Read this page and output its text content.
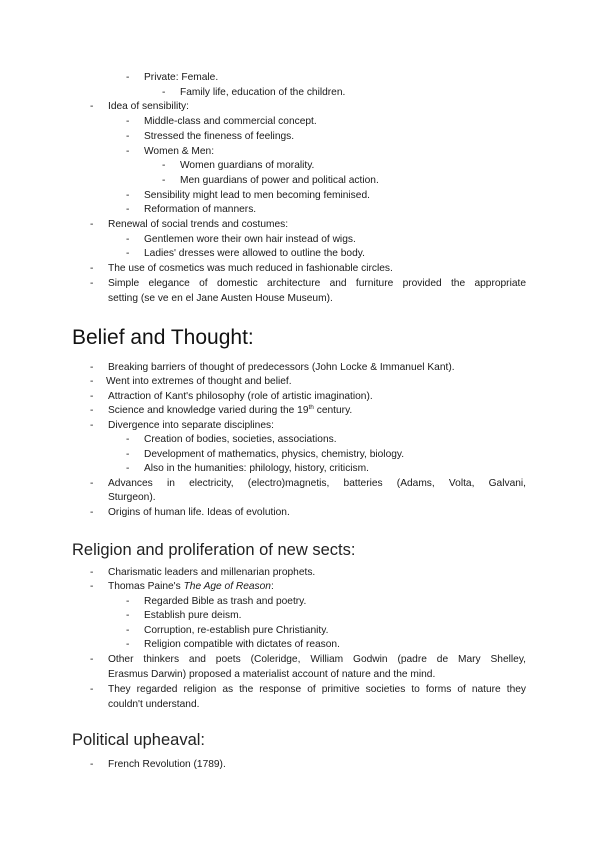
- Private: Female.
- Family life, education of the children.
- Idea of sensibility:
- Middle-class and commercial concept.
- Stressed the fineness of feelings.
- Women & Men:
- Women guardians of morality.
- Men guardians of power and political action.
- Sensibility might lead to men becoming feminised.
- Reformation of manners.
- Renewal of social trends and costumes:
- Gentlemen wore their own hair instead of wigs.
- Ladies' dresses were allowed to outline the body.
- The use of cosmetics was much reduced in fashionable circles.
- Simple elegance of domestic architecture and furniture provided the appropriate
setting (se ve en el Jane Austen House Museum).
Belief and Thought:
- Breaking barriers of thought of predecessors (John Locke & Immanuel Kant).
- Went into extremes of thought and belief.
- Attraction of Kant's philosophy (role of artistic imagination).
- Science and knowledge varied during the 19th century.
- Divergence into separate disciplines:
- Creation of bodies, societies, associations.
- Development of mathematics, physics, chemistry, biology.
- Also in the humanities: philology, history, criticism.
- Advances in electricity, (electro)magnetis, batteries (Adams, Volta, Galvani,
Sturgeon).
- Origins of human life. Ideas of evolution.
Religion and proliferation of new sects:
- Charismatic leaders and millenarian prophets.
- Thomas Paine's The Age of Reason:
- Regarded Bible as trash and poetry.
- Establish pure deism.
- Corruption, re-establish pure Christianity.
- Religion compatible with dictates of reason.
- Other thinkers and poets (Coleridge, William Godwin (padre de Mary Shelley,
Erasmus Darwin) proposed a materialist account of nature and the mind.
- They regarded religion as the response of primitive societies to forms of nature they
couldn't understand.
Political upheaval:
- French Revolution (1789).
